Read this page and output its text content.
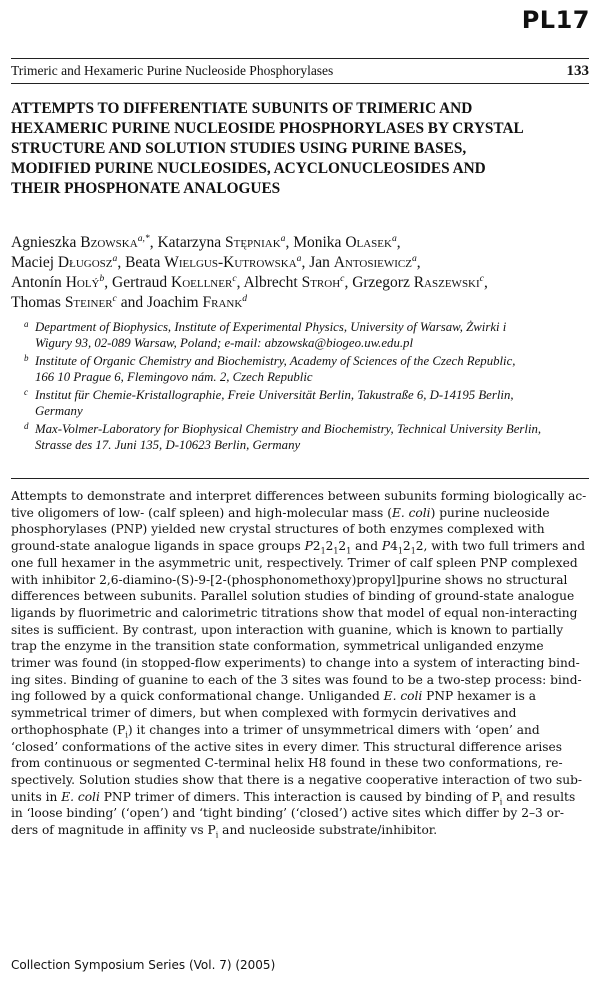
PL17
Trimeric and Hexameric Purine Nucleoside Phosphorylases	133
ATTEMPTS TO DIFFERENTIATE SUBUNITS OF TRIMERIC AND
HEXAMERIC PURINE NUCLEOSIDE PHOSPHORYLASES BY CRYSTAL
STRUCTURE AND SOLUTION STUDIES USING PURINE BASES,
MODIFIED PURINE NUCLEOSIDES, ACYCLONUCLEOSIDES AND
THEIR PHOSPHONATE ANALOGUES
Agnieszka Bzowska$^{a,*}$, Katarzyna Stępniak$^a$, Monika Olasek$^a$,
Maciej Długosz$^a$, Beata Wielgus-Kutrowska$^a$, Jan Antosiewicz$^a$,
Antonín Holý$^b$, Gertraud Koellner$^c$, Albrecht Stroh$^c$, Grzegorz Raszewski$^c$,
Thomas Steiner$^c$ and Joachim Frank$^d$
a Department of Biophysics, Institute of Experimental Physics, University of Warsaw, Żwirki i
Wigury 93, 02-089 Warsaw, Poland; e-mail: abzowska@biogeo.uw.edu.pl
b Institute of Organic Chemistry and Biochemistry, Academy of Sciences of the Czech Republic,
166 10 Prague 6, Flemingovo nám. 2, Czech Republic
c Institut für Chemie-Kristallographie, Freie Universität Berlin, Takustraße 6, D-14195 Berlin,
Germany
d Max-Volmer-Laboratory for Biophysical Chemistry and Biochemistry, Technical University Berlin,
Strasse des 17. Juni 135, D-10623 Berlin, Germany
Attempts to demonstrate and interpret differences between subunits forming biologically ac-
tive oligomers of low- (calf spleen) and high-molecular mass (E. coli) purine nucleoside
phosphorylases (PNP) yielded new crystal structures of both enzymes complexed with
ground-state analogue ligands in space groups $P2_12_12_1$ and $P4_12_12$, with two full trimers and
one full hexamer in the asymmetric unit, respectively. Trimer of calf spleen PNP complexed
with inhibitor 2,6-diamino-(S)-9-[2-(phosphonomethoxy)propyl]purine shows no structural
differences between subunits. Parallel solution studies of binding of ground-state analogue
ligands by fluorimetric and calorimetric titrations show that model of equal non-interacting
sites is sufficient. By contrast, upon interaction with guanine, which is known to partially
trap the enzyme in the transition state conformation, symmetrical unliganded enzyme
trimer was found (in stopped-flow experiments) to change into a system of interacting bind-
ing sites. Binding of guanine to each of the 3 sites was found to be a two-step process: bind-
ing followed by a quick conformational change. Unliganded E. coli PNP hexamer is a
symmetrical trimer of dimers, but when complexed with formycin derivatives and
orthophosphate $(P_i)$ it changes into a trimer of unsymmetrical dimers with ‘open’ and
‘closed’ conformations of the active sites in every dimer. This structural difference arises
from continuous or segmented C-terminal helix H8 found in these two conformations, re-
spectively. Solution studies show that there is a negative cooperative interaction of two sub-
units in E. coli PNP trimer of dimers. This interaction is caused by binding of $P_i$ and results
in ‘loose binding’ (‘open’) and ‘tight binding’ (‘closed’) active sites which differ by 2–3 or-
ders of magnitude in affinity vs $P_i$ and nucleoside substrate/inhibitor.
Collection Symposium Series (Vol. 7) (2005)
